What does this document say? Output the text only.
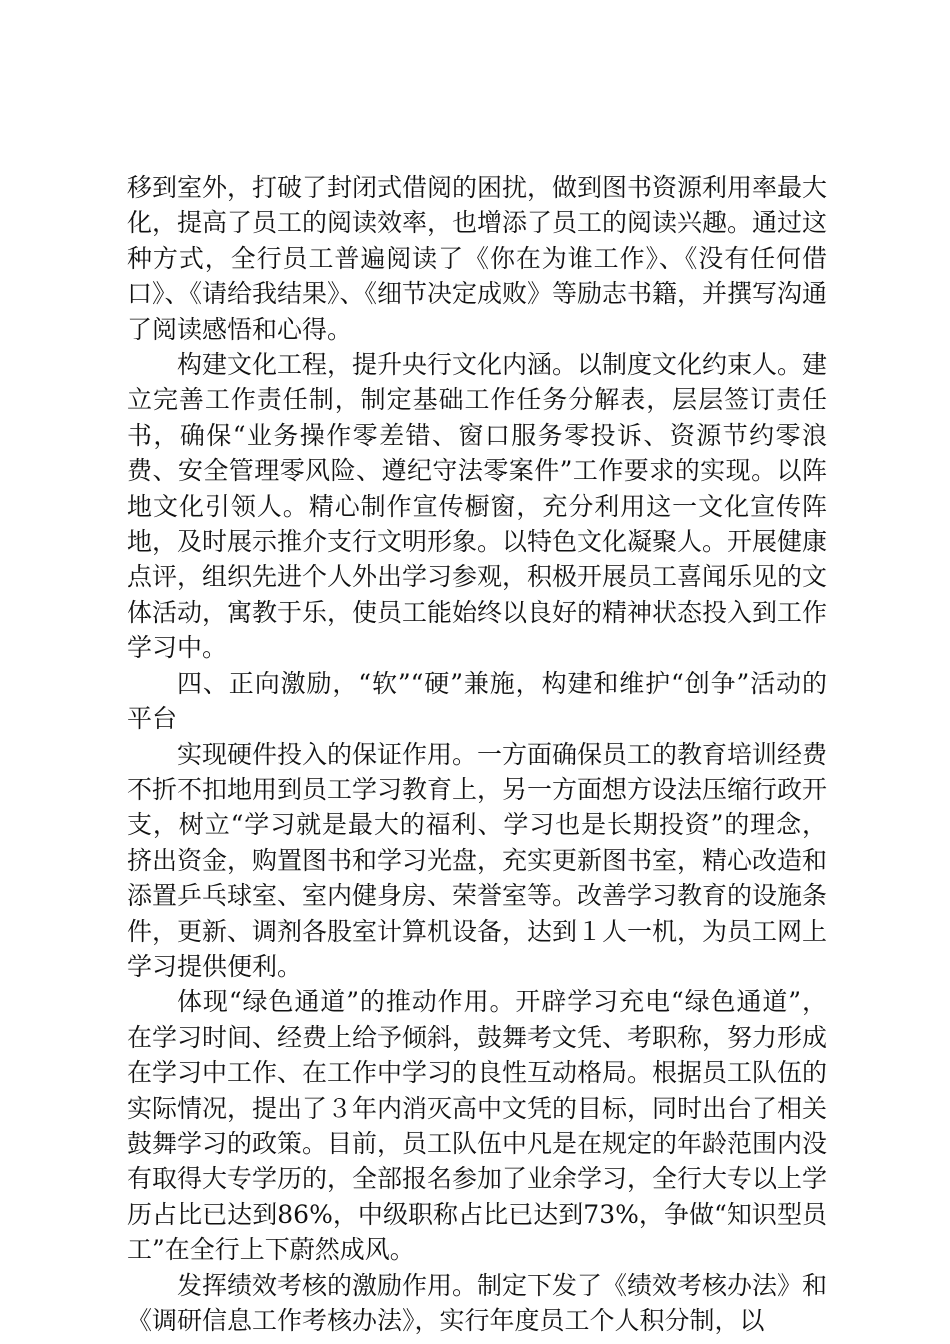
移到室外，打破了封闭式借阅的困扰，做到图书资源利用率最大化，提高了员工的阅读效率，也增添了员工的阅读兴趣。通过这种方式，全行员工普遍阅读了《你在为谁工作》、《没有任何借口》、《请给我结果》、《细节决定成败》等励志书籍，并撰写沟通了阅读感悟和心得。

构建文化工程，提升央行文化内涵。以制度文化约束人。建立完善工作责任制，制定基础工作任务分解表，层层签订责任书，确保“业务操作零差错、窗口服务零投诉、资源节约零浪费、安全管理零风险、遵纪守法零案件”工作要求的实现。以阵地文化引领人。精心制作宣传橱窗，充分利用这一文化宣传阵地，及时展示推介支行文明形象。以特色文化凝聚人。开展健康点评，组织先进个人外出学习参观，积极开展员工喜闻乐见的文体活动，寓教于乐，使员工能始终以良好的精神状态投入到工作学习中。

四、正向激励，“软”“硬”兼施，构建和维护“创争”活动的平台

实现硬件投入的保证作用。一方面确保员工的教育培训经费不折不扣地用到员工学习教育上，另一方面想方设法压缩行政开支，树立“学习就是最大的福利、学习也是长期投资”的理念，挤出资金，购置图书和学习光盘，充实更新图书室，精心改造和添置乒乓球室、室内健身房、荣誉室等。改善学习教育的设施条件，更新、调剂各股室计算机设备，达到１人一机，为员工网上学习提供便利。

体现“绿色通道”的推动作用。开辟学习充电“绿色通道”，在学习时间、经费上给予倾斜，鼓舞考文凭、考职称，努力形成在学习中工作、在工作中学习的良性互动格局。根据员工队伍的实际情况，提出了３年内消灭高中文凭的目标，同时出台了相关鼓舞学习的政策。目前，员工队伍中凡是在规定的年龄范围内没有取得大专学历的，全部报名参加了业余学习，全行大专以上学历占比已达到86%，中级职称占比已达到73%，争做“知识型员工”在全行上下蔚然成风。

发挥绩效考核的激励作用。制定下发了《绩效考核办法》和《调研信息工作考核办法》，实行年度员工个人积分制，以
